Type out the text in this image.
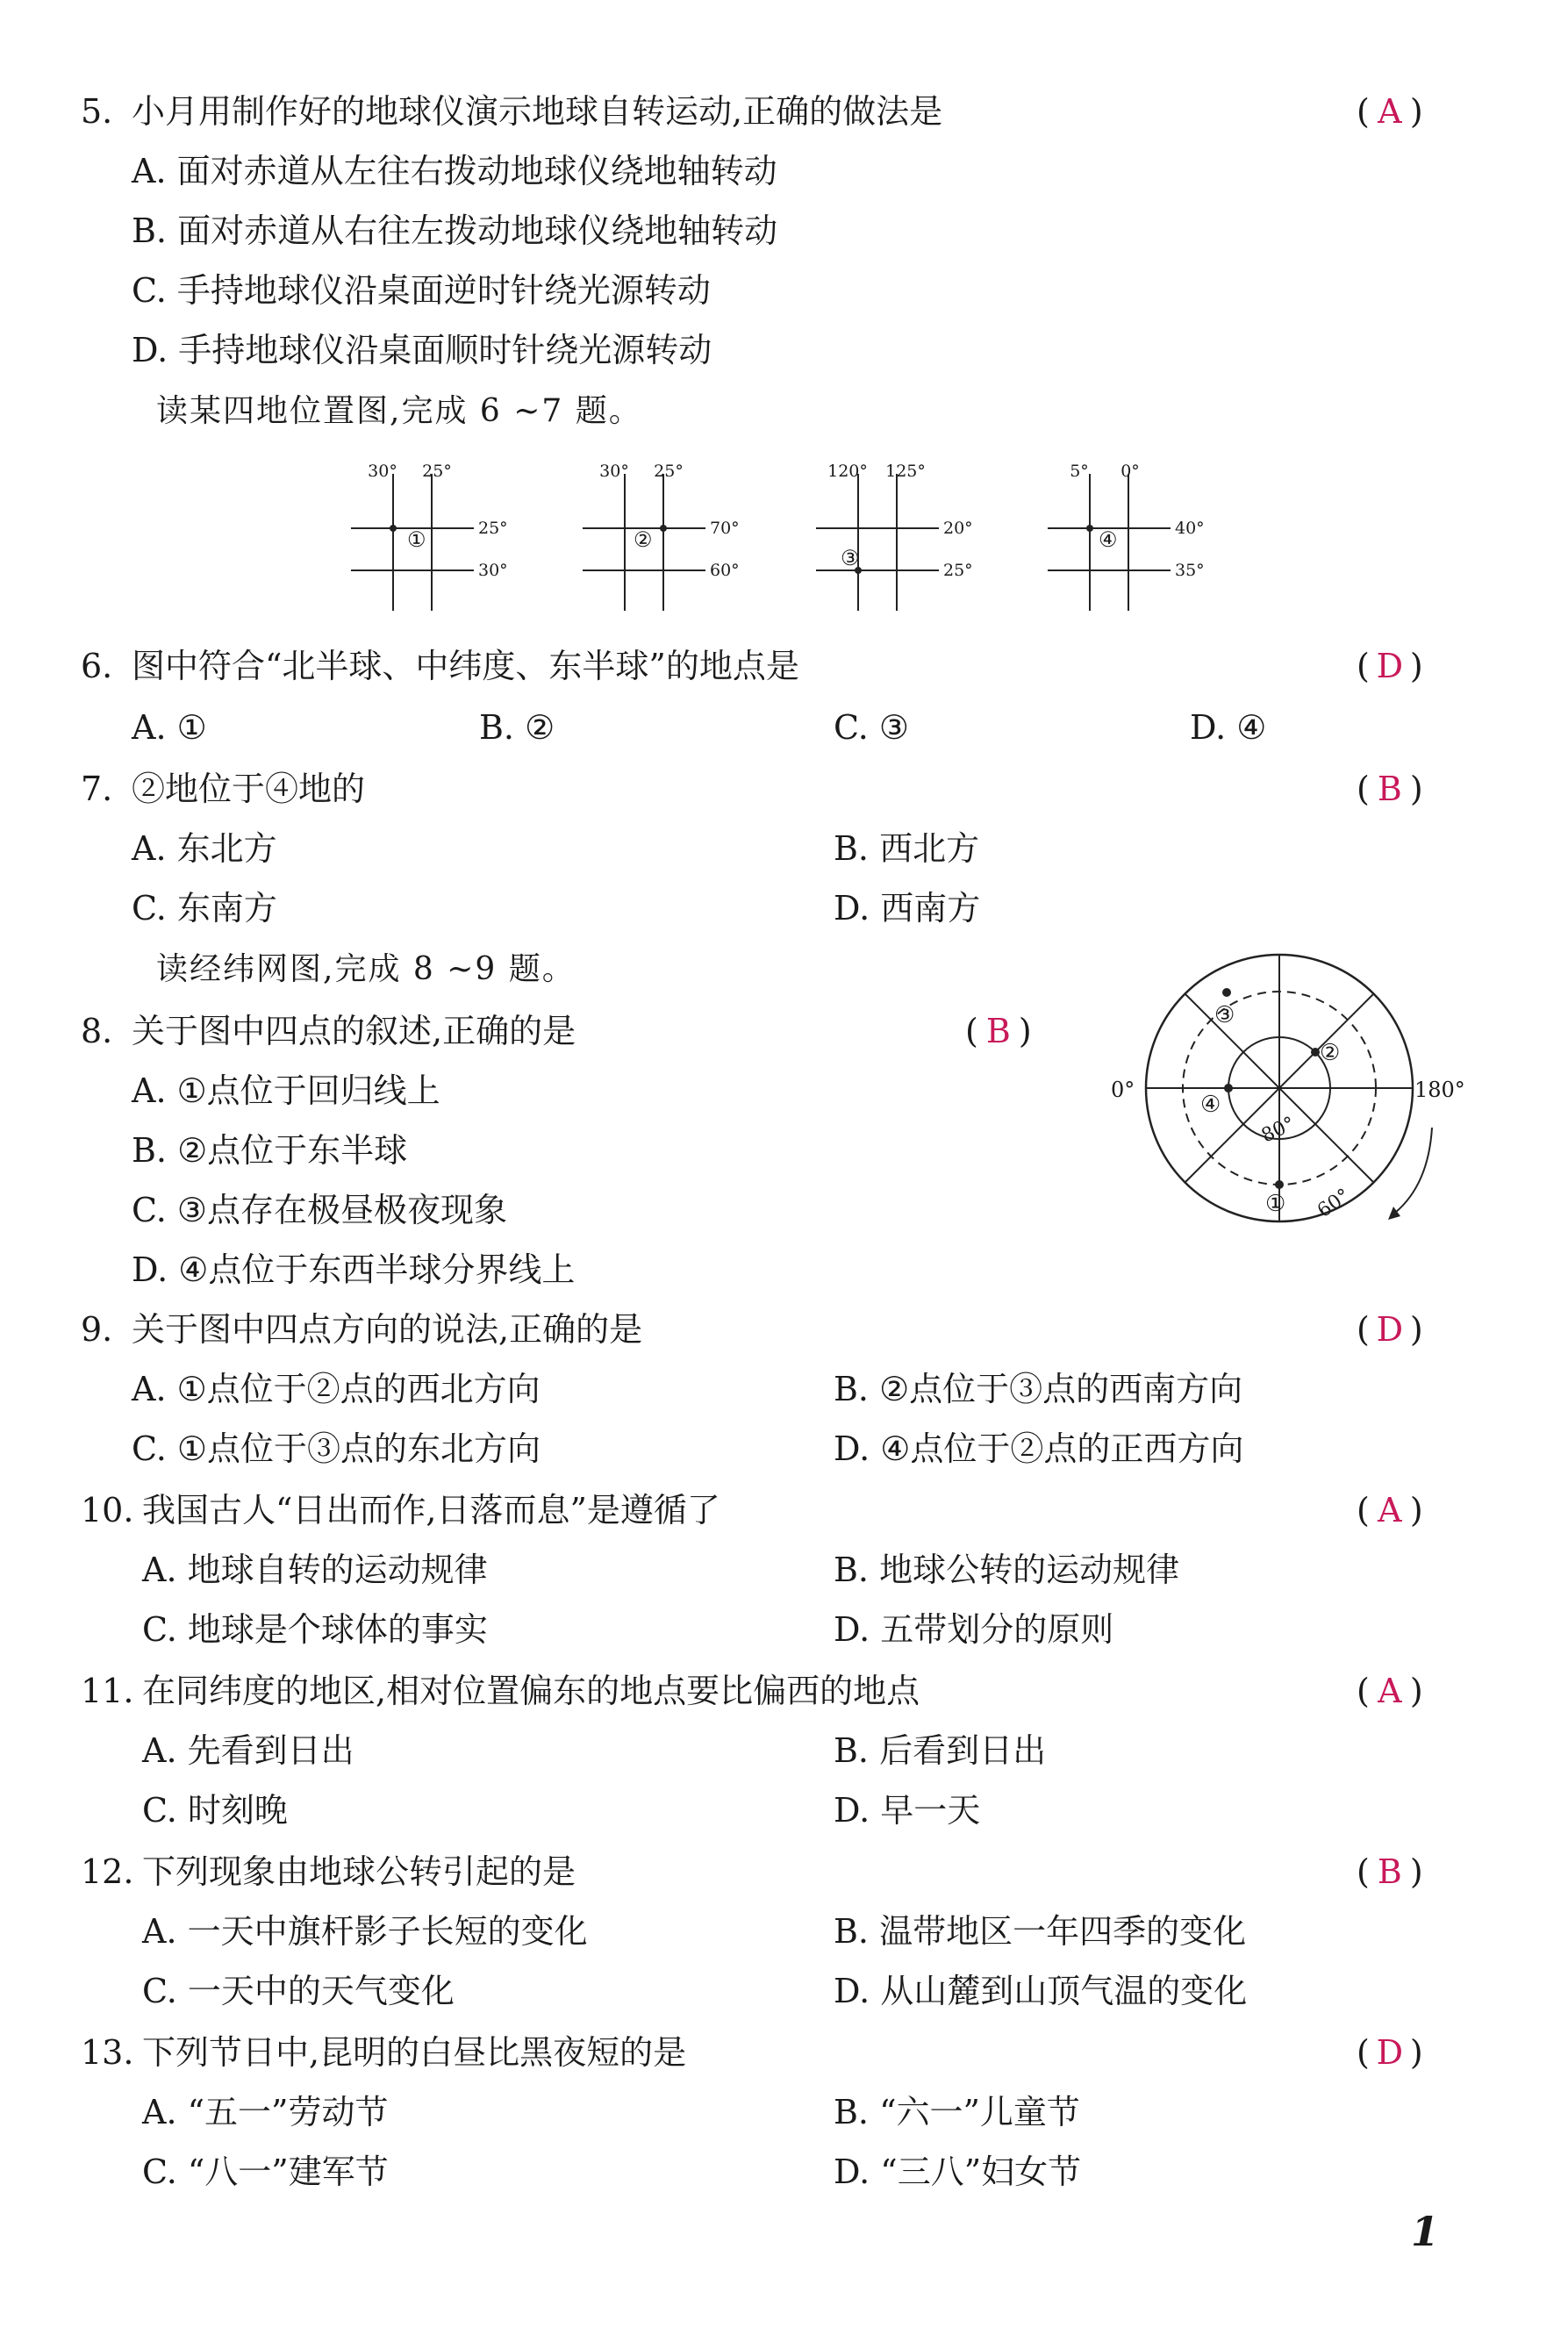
5. 小月用制作好的地球仪演示地球自转运动,正确的做法是	( A )
A. 面对赤道从左往右拨动地球仪绕地轴转动
B. 面对赤道从右往左拨动地球仪绕地轴转动
C. 手持地球仪沿桌面逆时针绕光源转动
D. 手持地球仪沿桌面顺时针绕光源转动
读某四地位置图,完成 6 ~7 题。
30° 25°
25°
30°
①
30° 25°
70°
60°
②
120° 125°
20°
25°
③
5° 0°
40°
35°
④
6. 图中符合“北半球、中纬度、东半球”的地点是	( D )
A. ①	B. ②	C. ③	D. ④
7. ②地位于④地的	( B )
A. 东北方	B. 西北方
C. 东南方	D. 西南方
读经纬网图,完成 8 ~9 题。
8. 关于图中四点的叙述,正确的是	( B )
A. ①点位于回归线上
B. ②点位于东半球
C. ③点存在极昼极夜现象
D. ④点位于东西半球分界线上
0°	180°
80°
60°
③
②
④
①
9. 关于图中四点方向的说法,正确的是	( D )
A. ①点位于②点的西北方向	B. ②点位于③点的西南方向
C. ①点位于③点的东北方向	D. ④点位于②点的正西方向
10. 我国古人“日出而作,日落而息”是遵循了	( A )
A. 地球自转的运动规律	B. 地球公转的运动规律
C. 地球是个球体的事实	D. 五带划分的原则
11. 在同纬度的地区,相对位置偏东的地点要比偏西的地点	( A )
A. 先看到日出	B. 后看到日出
C. 时刻晚	D. 早一天
12. 下列现象由地球公转引起的是	( B )
A. 一天中旗杆影子长短的变化	B. 温带地区一年四季的变化
C. 一天中的天气变化	D. 从山麓到山顶气温的变化
13. 下列节日中,昆明的白昼比黑夜短的是	( D )
A. “五一”劳动节	B. “六一”儿童节
C. “八一”建军节	D. “三八”妇女节
1
